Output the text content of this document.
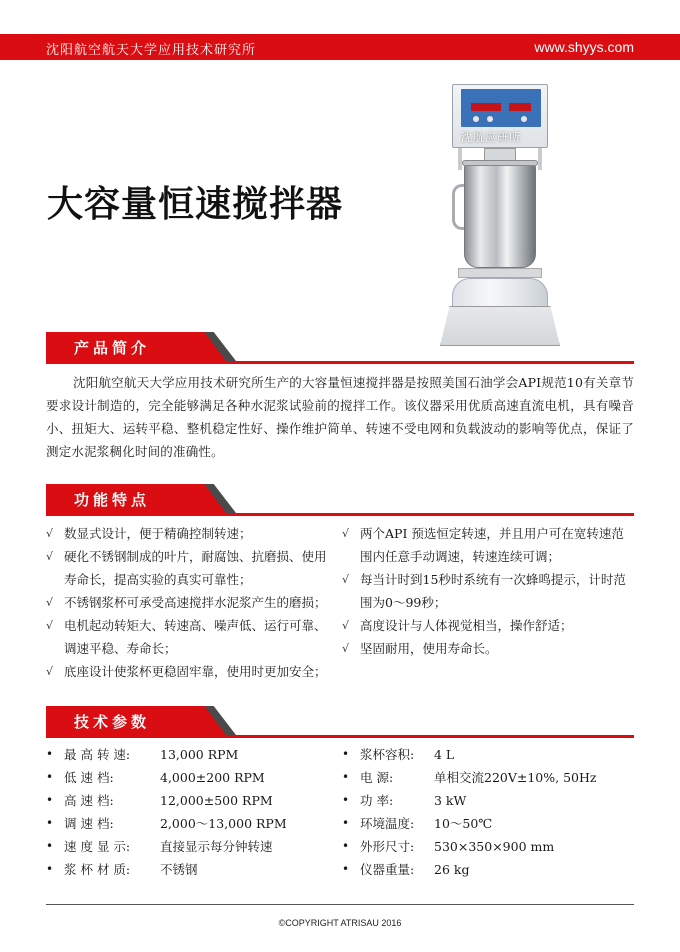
沈阳航空航天大学应用技术研究所	www.shyys.com
大容量恒速搅拌器
沈航应研所
产品简介

沈阳航空航天大学应用技术研究所生产的大容量恒速搅拌器是按照美国石油学会API规范10有关章节要求设计制造的，完全能够满足各种水泥浆试验前的搅拌工作。该仪器采用优质高速直流电机，具有噪音小、扭矩大、运转平稳、整机稳定性好、操作维护简单、转速不受电网和负载波动的影响等优点，保证了测定水泥浆稠化时间的准确性。

功能特点
√ 数显式设计，便于精确控制转速；
√ 硬化不锈钢制成的叶片，耐腐蚀、抗磨损、使用寿命长，提高实验的真实可靠性；
√ 不锈钢浆杯可承受高速搅拌水泥浆产生的磨损；
√ 电机起动转矩大、转速高、噪声低、运行可靠、调速平稳、寿命长；
√ 底座设计使浆杯更稳固牢靠，使用时更加安全；
√ 两个API 预选恒定转速，并且用户可在宽转速范围内任意手动调速，转速连续可调；
√ 每当计时到15秒时系统有一次蜂鸣提示，计时范围为0～99秒；
√ 高度设计与人体视觉相当，操作舒适；
√ 坚固耐用，使用寿命长。
技术参数
• 最 高 转 速: 13,000 RPM
• 低 速 档:	4,000±200 RPM
• 高 速 档:	12,000±500 RPM
• 调 速 档:	2,000～13,000 RPM
• 速 度 显 示: 直接显示每分钟转速
• 浆 杯 材 质: 不锈钢
• 浆杯容积: 4 L
• 电 源:	单相交流220V±10%, 50Hz
• 功 率:	3 kW
• 环境温度: 10～50℃
• 外形尺寸: 530×350×900 mm
• 仪器重量: 26 kg
©COPYRIGHT ATRISAU 2016
